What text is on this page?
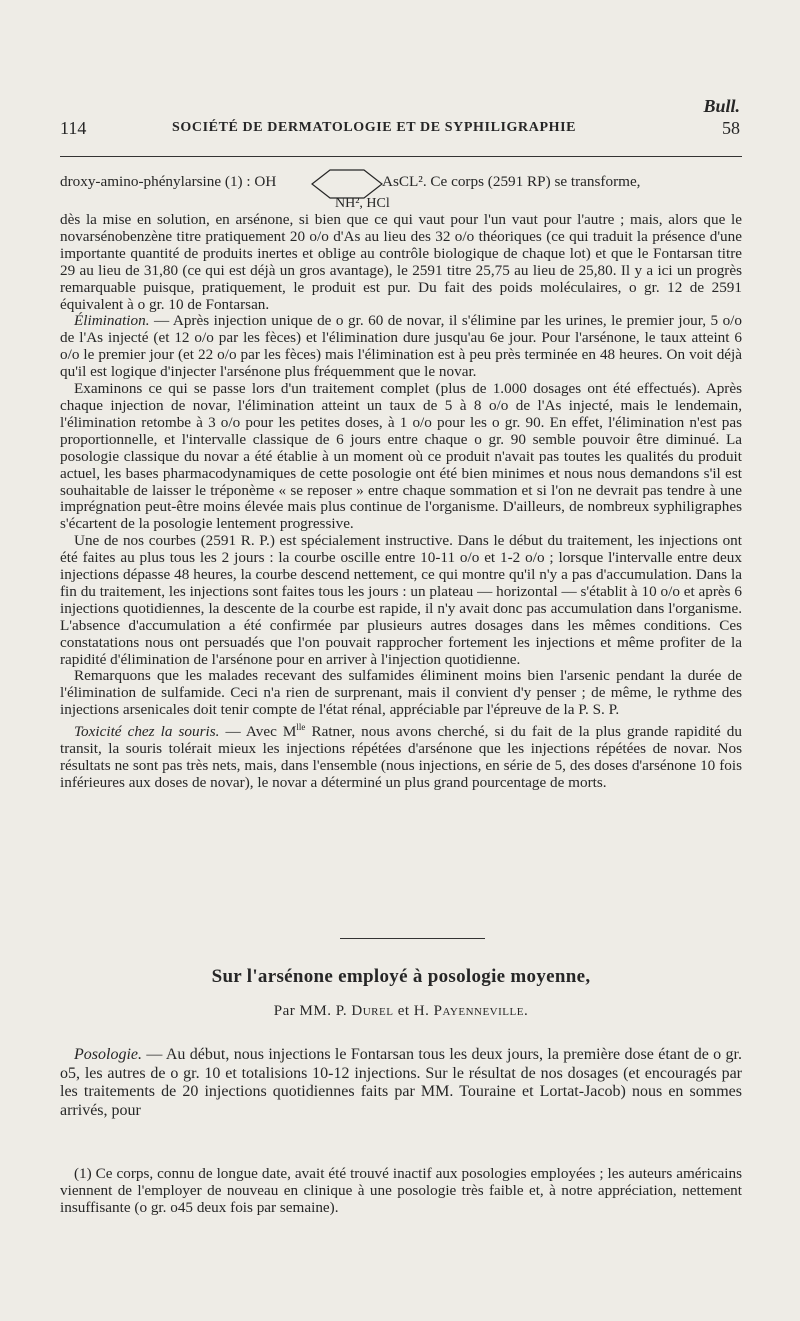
Bull.
114	SOCIÉTÉ DE DERMATOLOGIE ET DE SYPHILIGRAPHIE	58
droxy-amino-phénylarsine (1) : OH	AsCL². Ce corps (2591 RP) se transforme,
NH², HCl

dès la mise en solution, en arsénone, si bien que ce qui vaut pour l'un vaut pour l'autre ; mais, alors que le novarsénobenzène titre pratiquement 20 o/o d'As au lieu des 32 o/o théoriques (ce qui traduit la présence d'une importante quantité de produits inertes et oblige au contrôle biologique de chaque lot) et que le Fontarsan titre 29 au lieu de 31,80 (ce qui est déjà un gros avantage), le 2591 titre 25,75 au lieu de 25,80. Il y a ici un progrès remarquable puisque, pratiquement, le produit est pur. Du fait des poids moléculaires, o gr. 12 de 2591 équivalent à o gr. 10 de Fontarsan.

Élimination. — Après injection unique de o gr. 60 de novar, il s'élimine par les urines, le premier jour, 5 o/o de l'As injecté (et 12 o/o par les fèces) et l'élimination dure jusqu'au 6e jour. Pour l'arsénone, le taux atteint 6 o/o le premier jour (et 22 o/o par les fèces) mais l'élimination est à peu près terminée en 48 heures. On voit déjà qu'il est logique d'injecter l'arsénone plus fréquemment que le novar.

Examinons ce qui se passe lors d'un traitement complet (plus de 1.000 dosages ont été effectués). Après chaque injection de novar, l'élimination atteint un taux de 5 à 8 o/o de l'As injecté, mais le lendemain, l'élimination retombe à 3 o/o pour les petites doses, à 1 o/o pour les o gr. 90. En effet, l'élimination n'est pas proportionnelle, et l'intervalle classique de 6 jours entre chaque o gr. 90 semble pouvoir être diminué. La posologie classique du novar a été établie à un moment où ce produit n'avait pas toutes les qualités du produit actuel, les bases pharmacodynamiques de cette posologie ont été bien minimes et nous nous demandons s'il est souhaitable de laisser le tréponème « se reposer » entre chaque sommation et si l'on ne devrait pas tendre à une imprégnation peut-être moins élevée mais plus continue de l'organisme. D'ailleurs, de nombreux syphiligraphes s'écartent de la posologie lentement progressive.

Une de nos courbes (2591 R. P.) est spécialement instructive. Dans le début du traitement, les injections ont été faites au plus tous les 2 jours : la courbe oscille entre 10-11 o/o et 1-2 o/o ; lorsque l'intervalle entre deux injections dépasse 48 heures, la courbe descend nettement, ce qui montre qu'il n'y a pas d'accumulation. Dans la fin du traitement, les injections sont faites tous les jours : un plateau — horizontal — s'établit à 10 o/o et après 6 injections quotidiennes, la descente de la courbe est rapide, il n'y avait donc pas accumulation dans l'organisme. L'absence d'accumulation a été confirmée par plusieurs autres dosages dans les mêmes conditions. Ces constatations nous ont persuadés que l'on pouvait rapprocher fortement les injections et même profiter de la rapidité d'élimination de l'arsénone pour en arriver à l'injection quotidienne.

Remarquons que les malades recevant des sulfamides éliminent moins bien l'arsenic pendant la durée de l'élimination de sulfamide. Ceci n'a rien de surprenant, mais il convient d'y penser ; de même, le rythme des injections arsenicales doit tenir compte de l'état rénal, appréciable par l'épreuve de la P. S. P.

Toxicité chez la souris. — Avec $M^{lle}$ Ratner, nous avons cherché, si du fait de la plus grande rapidité du transit, la souris tolérait mieux les injections répétées d'arsénone que les injections répétées de novar. Nos résultats ne sont pas très nets, mais, dans l'ensemble (nous injections, en série de 5, des doses d'arsénone 10 fois inférieures aux doses de novar), le novar a déterminé un plus grand pourcentage de morts.

Sur l'arsénone employé à posologie moyenne,
Par MM. P. Durel et H. Payenneville.

Posologie. — Au début, nous injections le Fontarsan tous les deux jours, la première dose étant de o gr. o5, les autres de o gr. 10 et totalisions 10-12 injections. Sur le résultat de nos dosages (et encouragés par les traitements de 20 injections quotidiennes faits par MM. Touraine et Lortat-Jacob) nous en sommes arrivés, pour

(1) Ce corps, connu de longue date, avait été trouvé inactif aux posologies employées ; les auteurs américains viennent de l'employer de nouveau en clinique à une posologie très faible et, à notre appréciation, nettement insuffisante (o gr. o45 deux fois par semaine).
